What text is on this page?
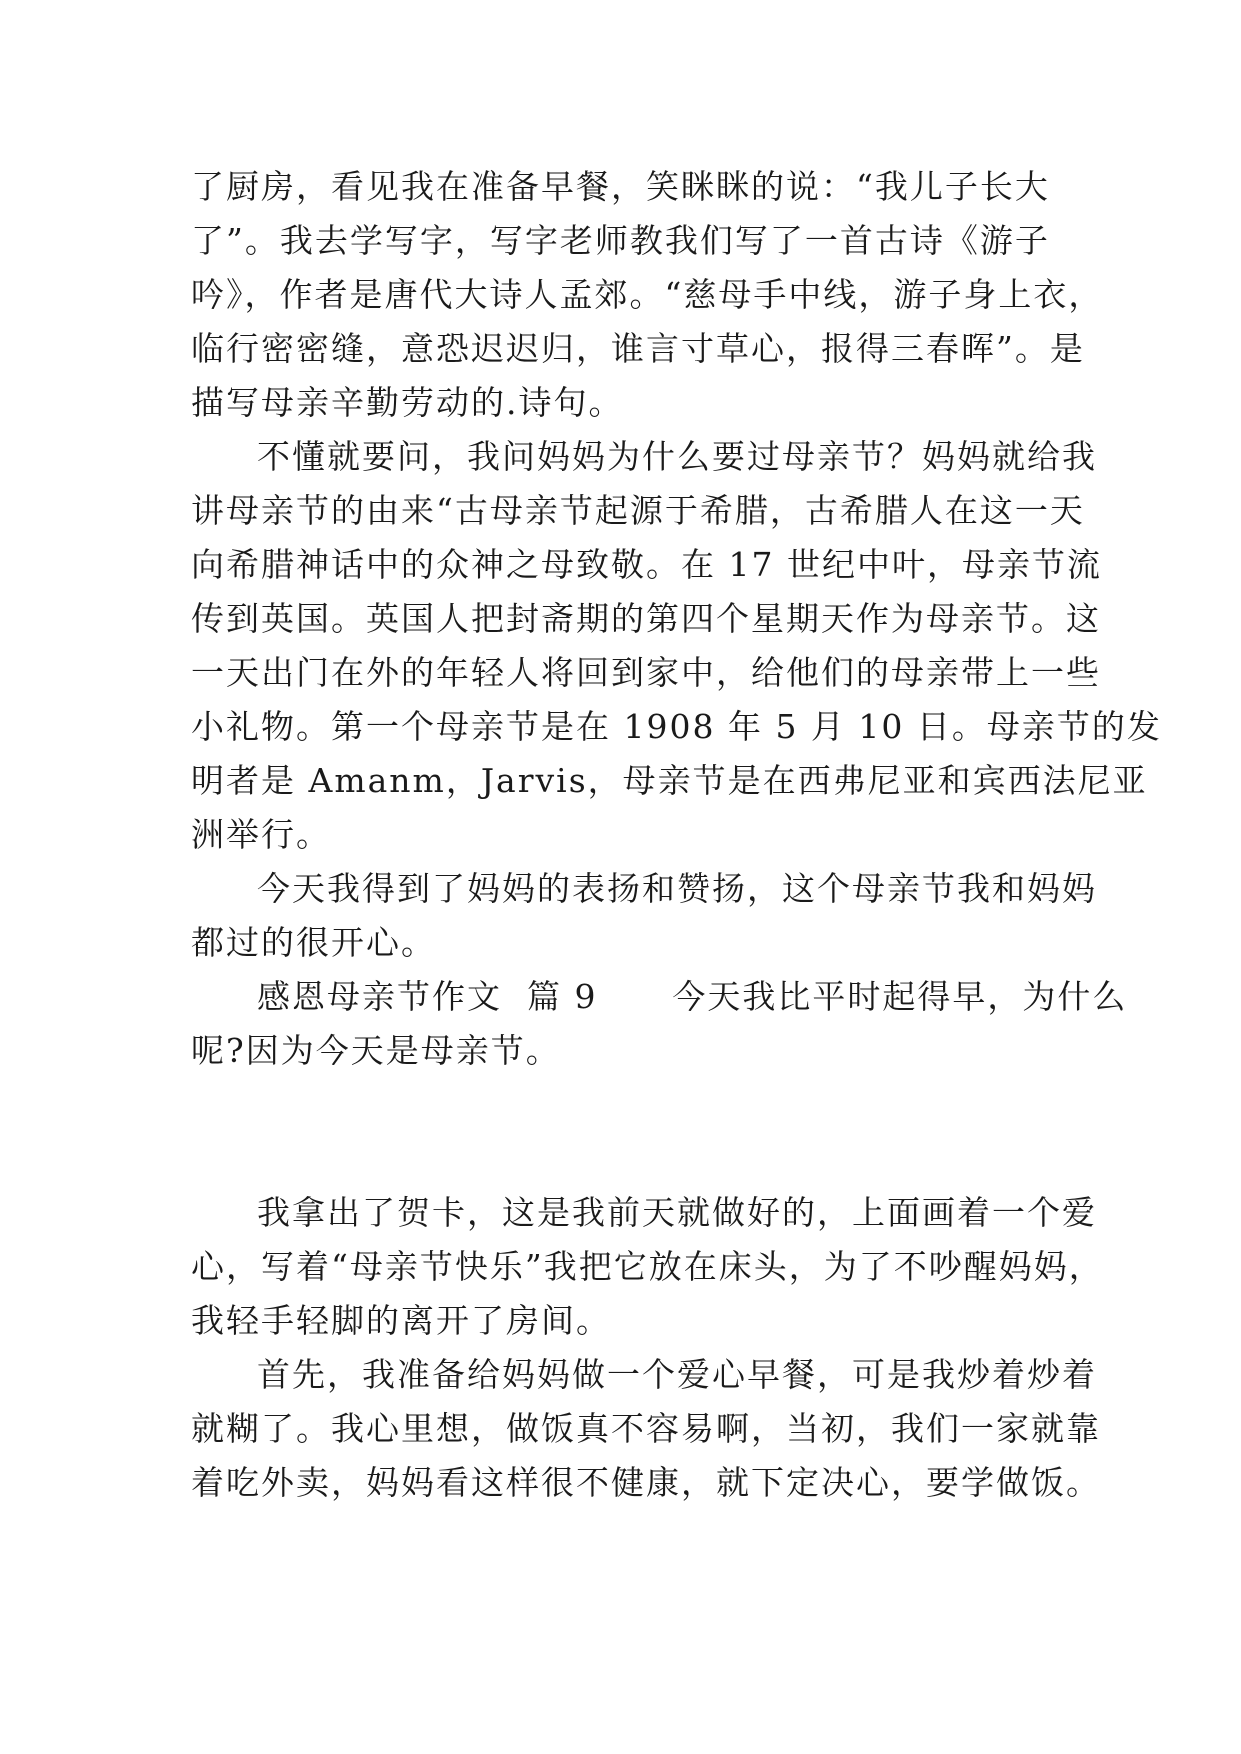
了厨房，看见我在准备早餐，笑眯眯的说：“我儿子长大
了”。我去学写字，写字老师教我们写了一首古诗《游子
吟》，作者是唐代大诗人孟郊。“慈母手中线，游子身上衣，
临行密密缝，意恐迟迟归，谁言寸草心，报得三春晖”。是
描写母亲辛勤劳动的.诗句。
不懂就要问，我问妈妈为什么要过母亲节？妈妈就给我
讲母亲节的由来“古母亲节起源于希腊，古希腊人在这一天
向希腊神话中的众神之母致敬。在 17 世纪中叶，母亲节流
传到英国。英国人把封斋期的第四个星期天作为母亲节。这
一天出门在外的年轻人将回到家中，给他们的母亲带上一些
小礼物。第一个母亲节是在 1908 年 5 月 10 日。母亲节的发
明者是 Amanm，Jarvis，母亲节是在西弗尼亚和宾西法尼亚
洲举行。
今天我得到了妈妈的表扬和赞扬，这个母亲节我和妈妈
都过的很开心。
感恩母亲节作文  篇 9      今天我比平时起得早，为什么
呢?因为今天是母亲节。
我拿出了贺卡，这是我前天就做好的，上面画着一个爱
心，写着“母亲节快乐”我把它放在床头，为了不吵醒妈妈，
我轻手轻脚的离开了房间。
首先，我准备给妈妈做一个爱心早餐，可是我炒着炒着
就糊了。我心里想，做饭真不容易啊，当初，我们一家就靠
着吃外卖，妈妈看这样很不健康，就下定决心，要学做饭。
